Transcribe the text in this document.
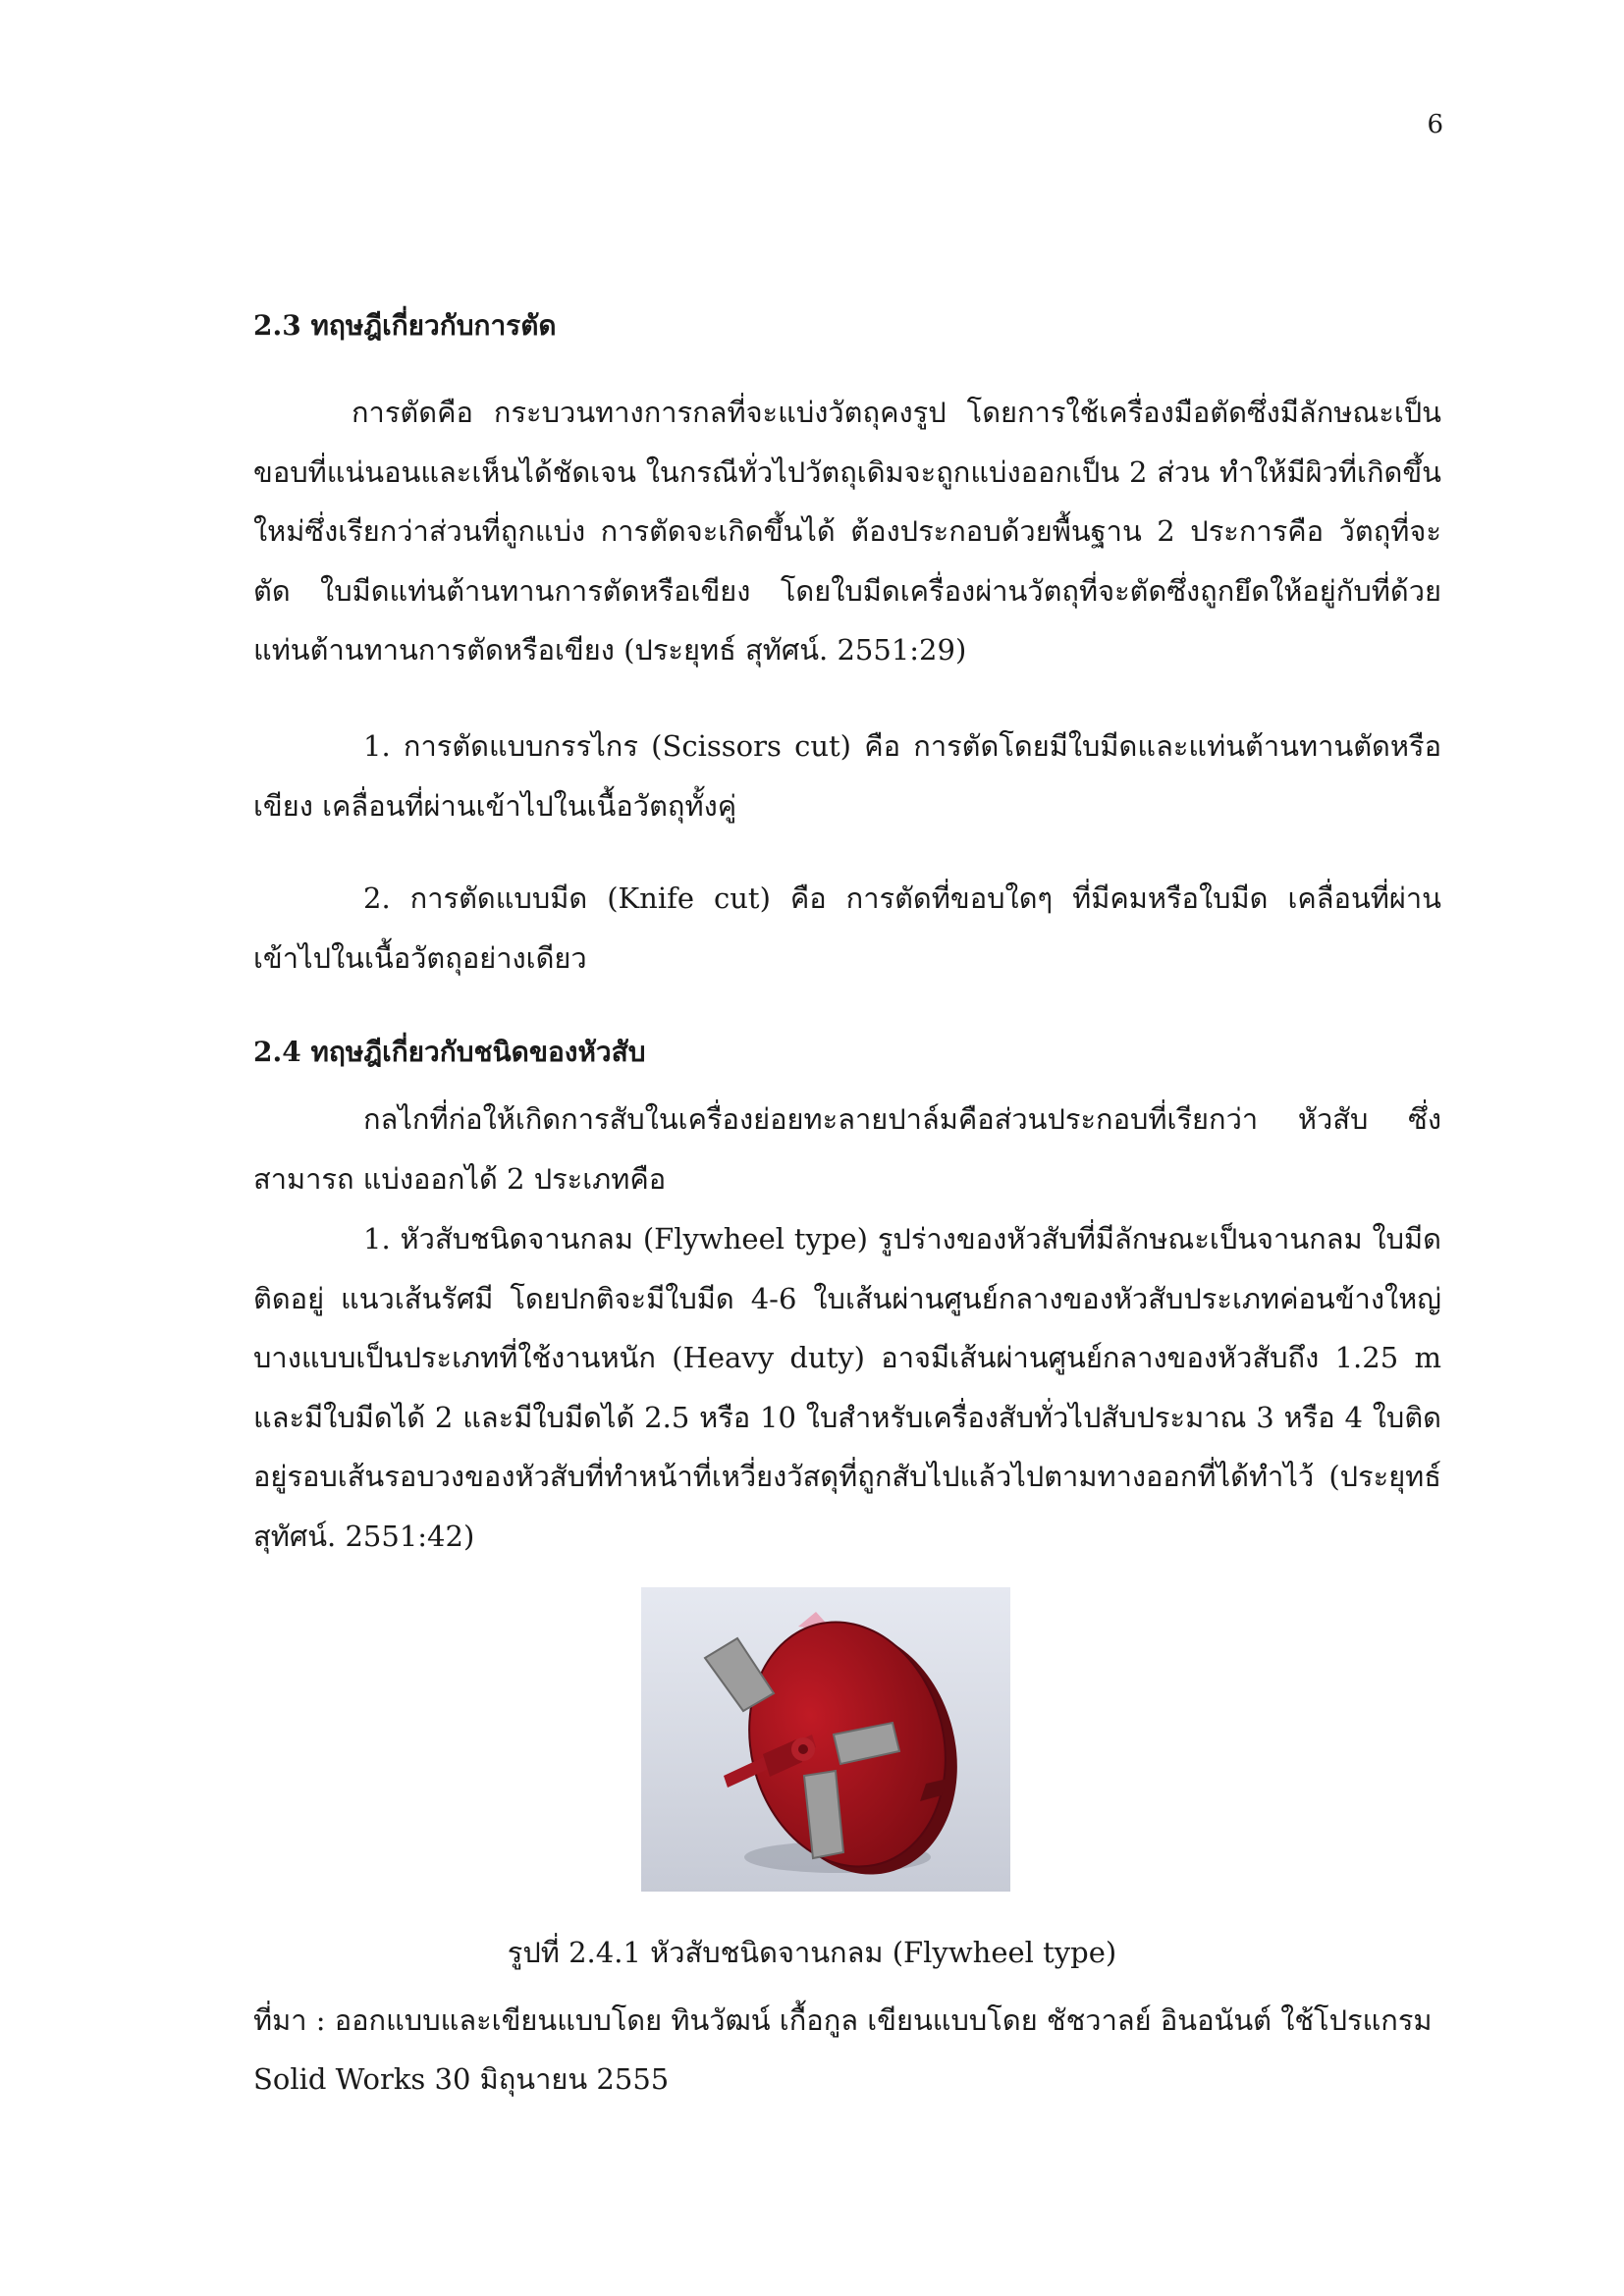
6
2.3 ทฤษฎีเกี่ยวกับการตัด

การตัดคือ กระบวนทางการกลที่จะแบ่งวัตถุคงรูป โดยการใช้เครื่องมือตัดซึ่งมีลักษณะเป็นขอบที่แน่นอนและเห็นได้ชัดเจน ในกรณีทั่วไปวัตถุเดิมจะถูกแบ่งออกเป็น 2 ส่วน ทำให้มีผิวที่เกิดขึ้นใหม่ซึ่งเรียกว่าส่วนที่ถูกแบ่ง การตัดจะเกิดขึ้นได้ ต้องประกอบด้วยพื้นฐาน 2 ประการคือ วัตถุที่จะตัด ใบมีดแท่นต้านทานการตัดหรือเขียง โดยใบมีดเครื่องผ่านวัตถุที่จะตัดซึ่งถูกยึดให้อยู่กับที่ด้วยแท่นต้านทานการตัดหรือเขียง (ประยุทธ์ สุทัศน์. 2551:29)

1. การตัดแบบกรรไกร (Scissors cut) คือ การตัดโดยมีใบมีดและแท่นต้านทานตัดหรือเขียง เคลื่อนที่ผ่านเข้าไปในเนื้อวัตถุทั้งคู่

2. การตัดแบบมีด (Knife cut) คือ การตัดที่ขอบใดๆ ที่มีคมหรือใบมีด เคลื่อนที่ผ่านเข้าไปในเนื้อวัตถุอย่างเดียว

2.4 ทฤษฎีเกี่ยวกับชนิดของหัวสับ

กลไกที่ก่อให้เกิดการสับในเครื่องย่อยทะลายปาล์มคือส่วนประกอบที่เรียกว่า หัวสับ ซึ่งสามารถ แบ่งออกได้ 2 ประเภทคือ

1. หัวสับชนิดจานกลม (Flywheel type) รูปร่างของหัวสับที่มีลักษณะเป็นจานกลม ใบมีดติดอยู่ แนวเส้นรัศมี โดยปกติจะมีใบมีด 4-6 ใบเส้นผ่านศูนย์กลางของหัวสับประเภทค่อนข้างใหญ่ บางแบบเป็นประเภทที่ใช้งานหนัก (Heavy duty) อาจมีเส้นผ่านศูนย์กลางของหัวสับถึง 1.25 m และมีใบมีดได้ 2 และมีใบมีดได้ 2.5 หรือ 10 ใบสำหรับเครื่องสับทั่วไปสับประมาณ 3 หรือ 4 ใบติดอยู่รอบเส้นรอบวงของหัวสับที่ทำหน้าที่เหวี่ยงวัสดุที่ถูกสับไปแล้วไปตามทางออกที่ได้ทำไว้ (ประยุทธ์ สุทัศน์. 2551:42)

รูปที่ 2.4.1 หัวสับชนิดจานกลม (Flywheel type)

ที่มา : ออกแบบและเขียนแบบโดย ทินวัฒน์ เกื้อกูล เขียนแบบโดย ชัชวาลย์ อินอนันต์ ใช้โปรแกรม
Solid Works 30 มิถุนายน 2555
